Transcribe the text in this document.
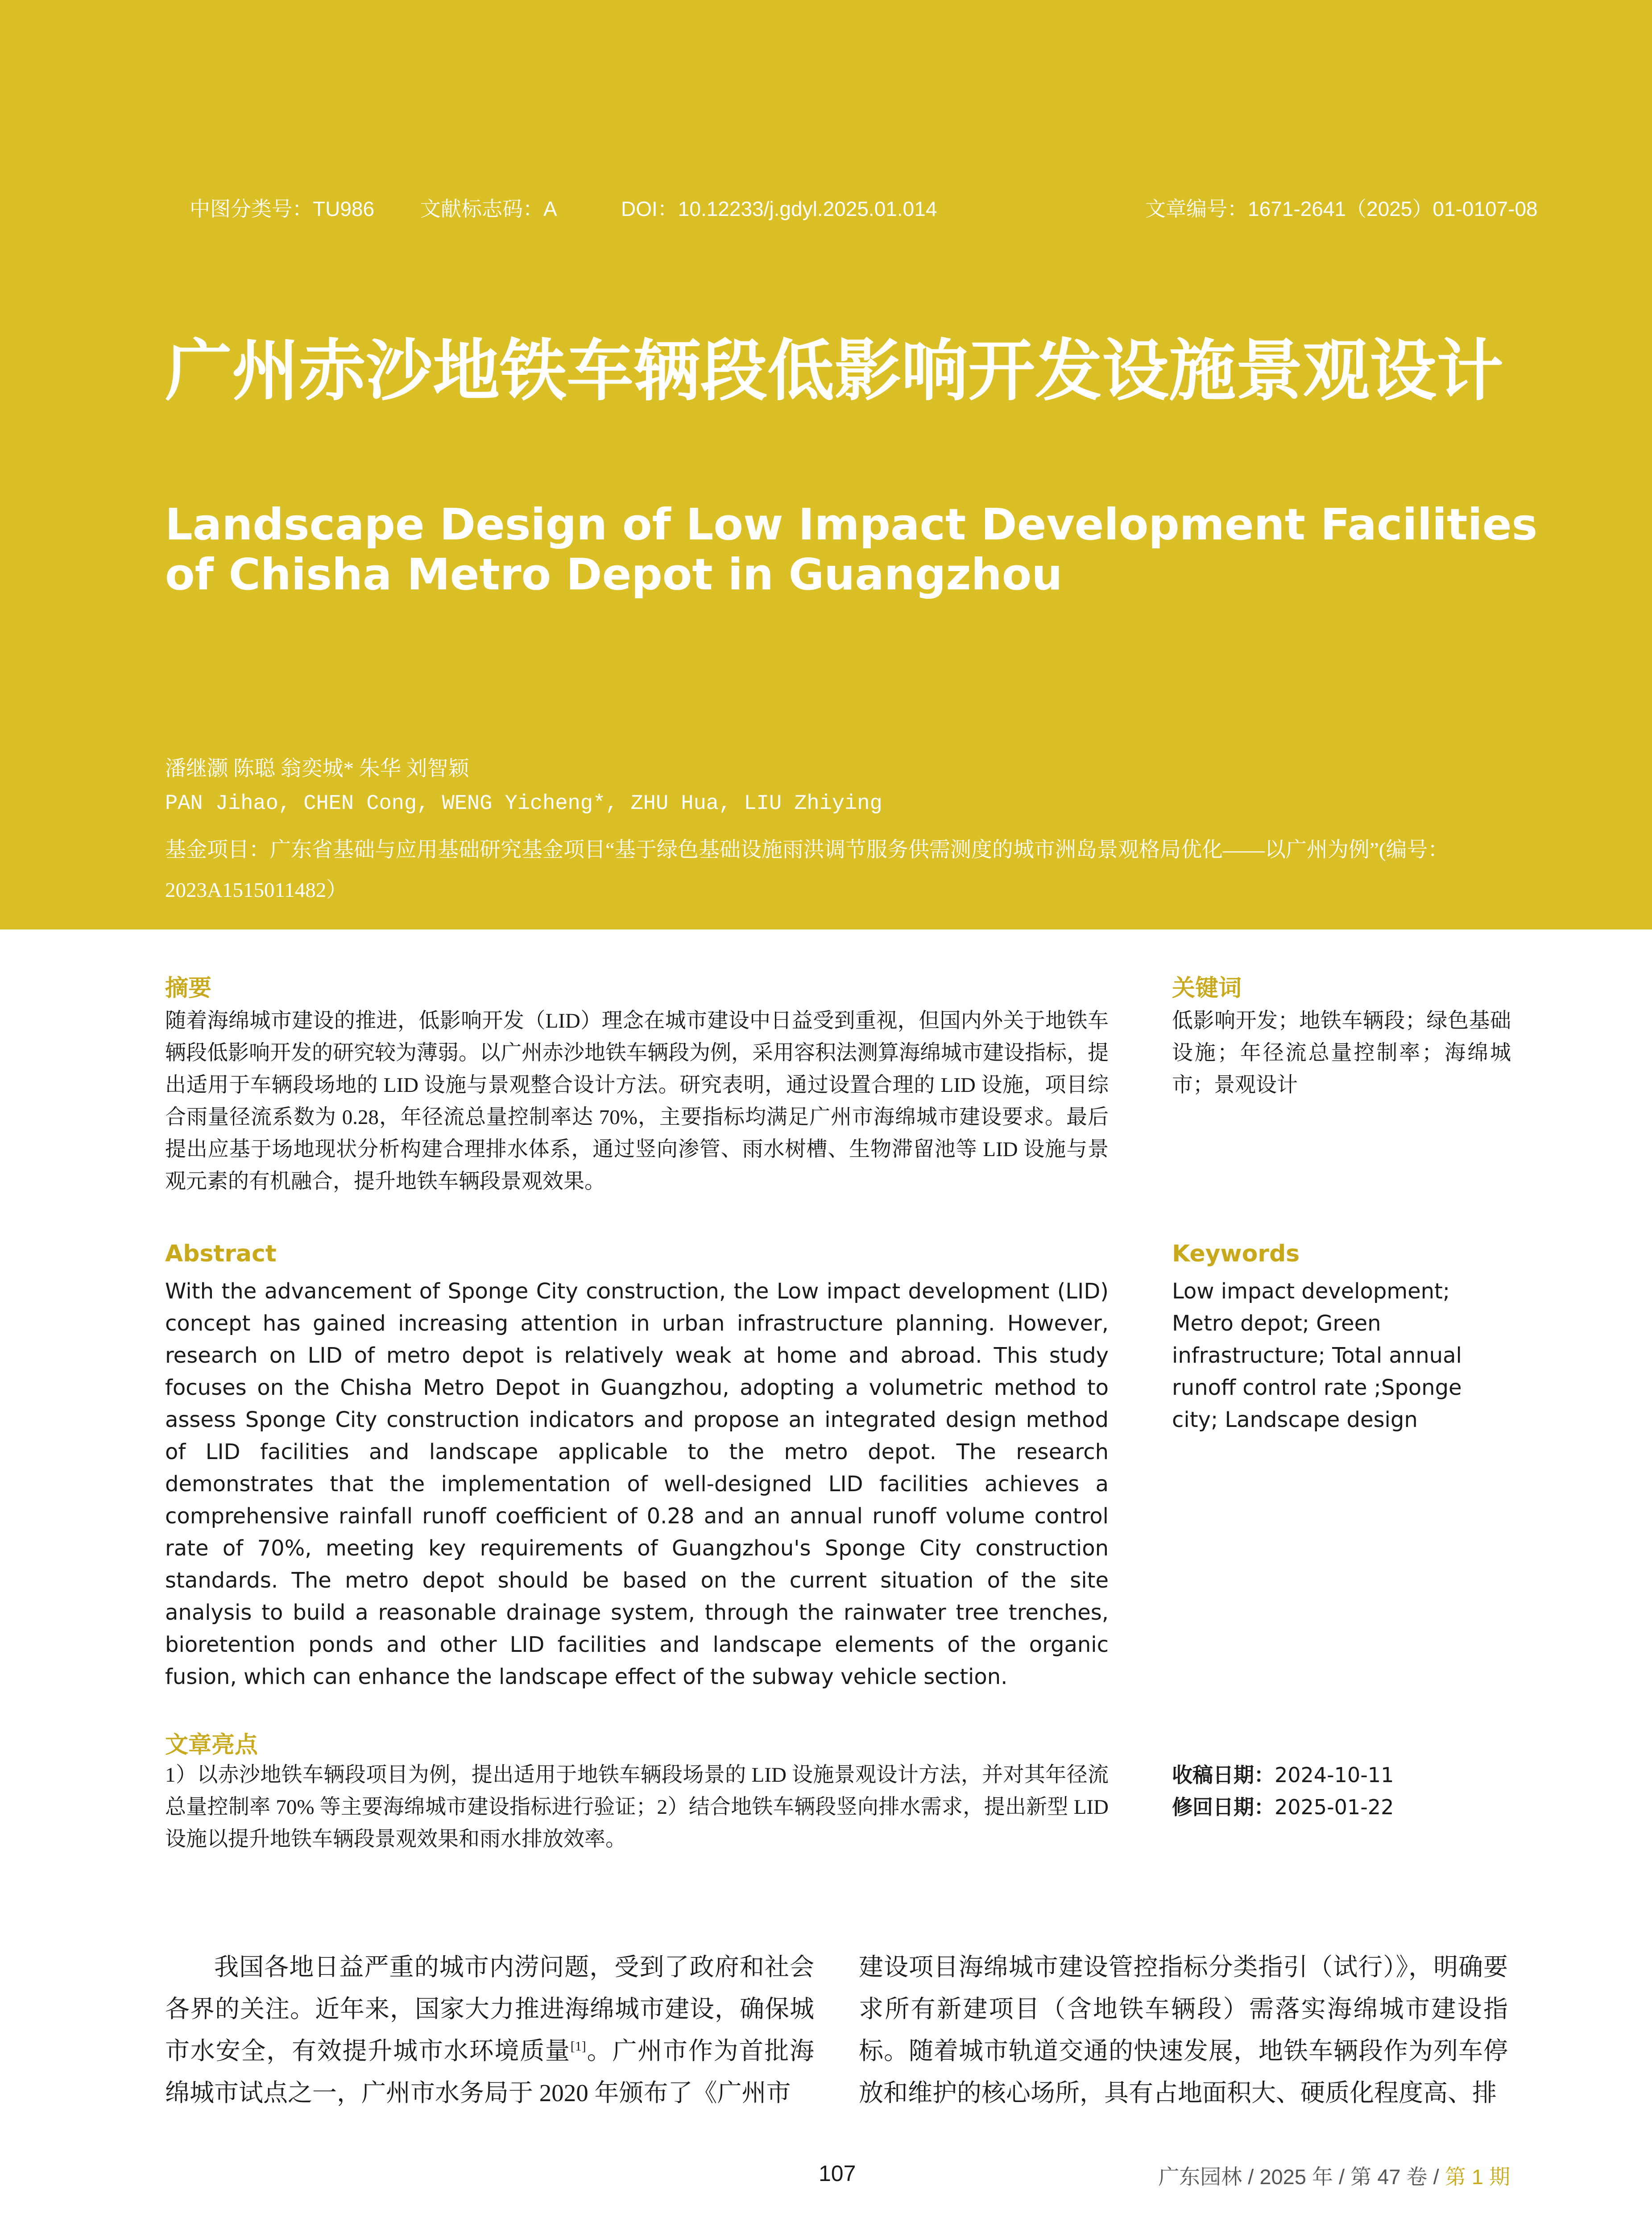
中图分类号：TU986 文献标志码：A	DOI：10.12233/j.gdyl.2025.01.014	文章编号：1671-2641（2025）01-0107-08
广州赤沙地铁车辆段低影响开发设施景观设计
Landscape Design of Low Impact Development Facilities of Chisha Metro Depot in Guangzhou
潘继灏 陈聪 翁奕城* 朱华 刘智颖
PAN Jihao, CHEN Cong, WENG Yicheng*, ZHU Hua, LIU Zhiying
基金项目：广东省基础与应用基础研究基金项目“基于绿色基础设施雨洪调节服务供需测度的城市洲岛景观格局优化——以广州为例”(编号：2023A1515011482）
摘要

随着海绵城市建设的推进，低影响开发（LID）理念在城市建设中日益受到重视，但国内外关于地铁车辆段低影响开发的研究较为薄弱。以广州赤沙地铁车辆段为例，采用容积法测算海绵城市建设指标，提出适用于车辆段场地的 LID 设施与景观整合设计方法。研究表明，通过设置合理的 LID 设施，项目综合雨量径流系数为 0.28，年径流总量控制率达 70%，主要指标均满足广州市海绵城市建设要求。最后提出应基于场地现状分析构建合理排水体系，通过竖向渗管、雨水树槽、生物滞留池等 LID 设施与景观元素的有机融合，提升地铁车辆段景观效果。

关键词

低影响开发；地铁车辆段；绿色基础设施；年径流总量控制率；海绵城市；景观设计

Abstract

With the advancement of Sponge City construction, the Low impact development (LID) concept has gained increasing attention in urban infrastructure planning. However, research on LID of metro depot is relatively weak at home and abroad. This study focuses on the Chisha Metro Depot in Guangzhou, adopting a volumetric method to assess Sponge City construction indicators and propose an integrated design method of LID facilities and landscape applicable to the metro depot. The research demonstrates that the implementation of well-designed LID facilities achieves a comprehensive rainfall runoff coefficient of 0.28 and an annual runoff volume control rate of 70%, meeting key requirements of Guangzhou's Sponge City construction standards. The metro depot should be based on the current situation of the site analysis to build a reasonable drainage system, through the rainwater tree trenches, bioretention ponds and other LID facilities and landscape elements of the organic fusion, which can enhance the landscape effect of the subway vehicle section.

Keywords

Low impact development; Metro depot; Green infrastructure; Total annual runoff control rate ;Sponge city; Landscape design

文章亮点

1）以赤沙地铁车辆段项目为例，提出适用于地铁车辆段场景的 LID 设施景观设计方法，并对其年径流总量控制率 70% 等主要海绵城市建设指标进行验证；2）结合地铁车辆段竖向排水需求，提出新型 LID 设施以提升地铁车辆段景观效果和雨水排放效率。

收稿日期：2024-10-11
修回日期：2025-01-22

我国各地日益严重的城市内涝问题，受到了政府和社会各界的关注。近年来，国家大力推进海绵城市建设，确保城市水安全，有效提升城市水环境质量[1]。广州市作为首批海绵城市试点之一，广州市水务局于 2020 年颁布了《广州市

建设项目海绵城市建设管控指标分类指引（试行）》，明确要求所有新建项目（含地铁车辆段）需落实海绵城市建设指标。随着城市轨道交通的快速发展，地铁车辆段作为列车停放和维护的核心场所，具有占地面积大、硬质化程度高、排

107	广东园林 / 2025 年 / 第 47 卷 / 第 1 期
